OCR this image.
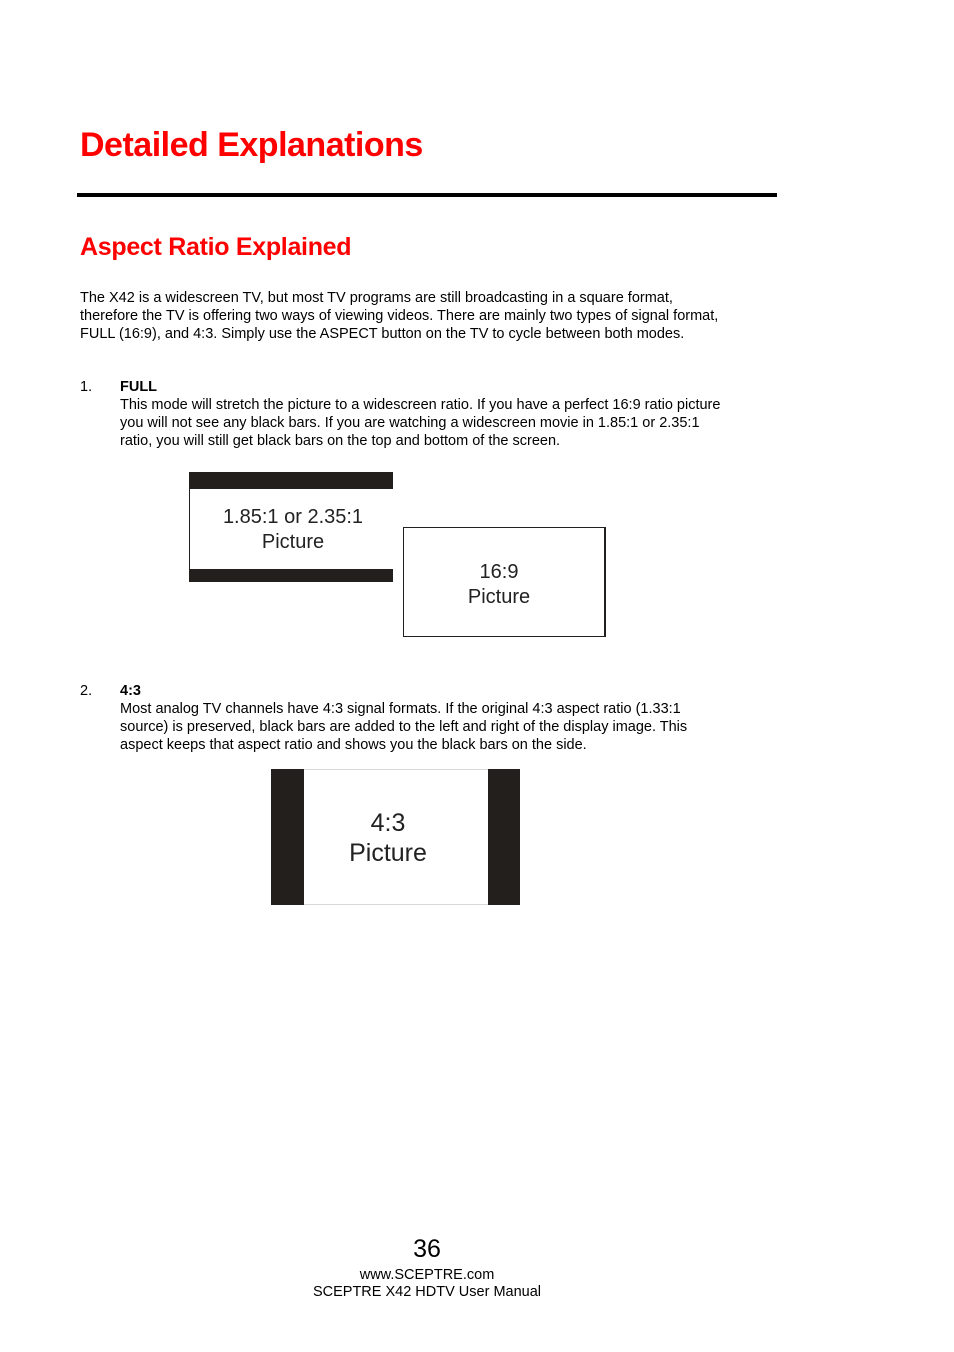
Detailed Explanations
Aspect Ratio Explained
The X42 is a widescreen TV, but most TV programs are still broadcasting in a square format,
therefore the TV is offering two ways of viewing videos. There are mainly two types of signal format,
FULL (16:9), and 4:3. Simply use the ASPECT button on the TV to cycle between both modes.
1. FULL
This mode will stretch the picture to a widescreen ratio. If you have a perfect 16:9 ratio picture
you will not see any black bars. If you are watching a widescreen movie in 1.85:1 or 2.35:1
ratio, you will still get black bars on the top and bottom of the screen.
1.85:1 or 2.35:1
Picture
16:9
Picture
2. 4:3
Most analog TV channels have 4:3 signal formats. If the original 4:3 aspect ratio (1.33:1
source) is preserved, black bars are added to the left and right of the display image. This
aspect keeps that aspect ratio and shows you the black bars on the side.
4:3
Picture
36
www.SCEPTRE.com
SCEPTRE X42 HDTV User Manual
